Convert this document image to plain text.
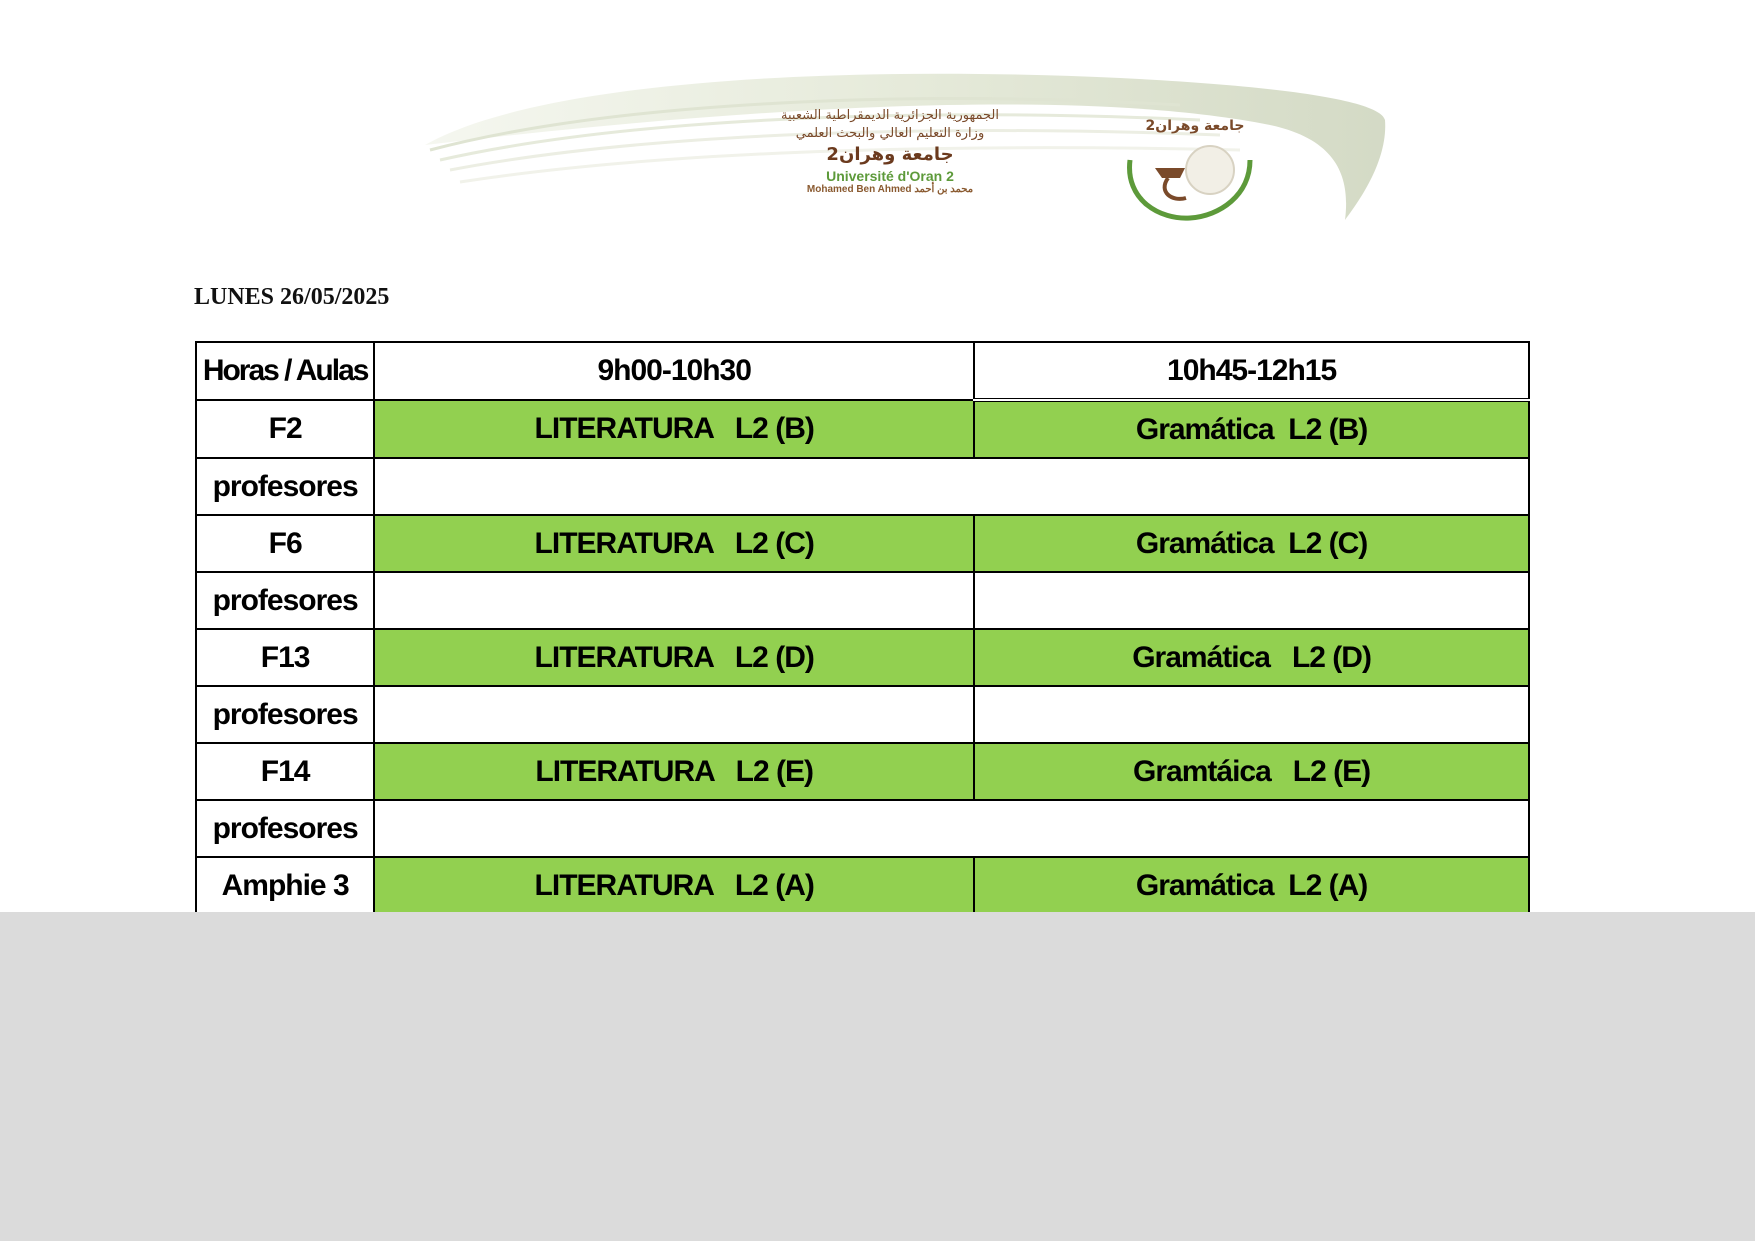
الجمهورية الجزائرية الديمقراطية الشعبية
وزارة التعليم العالي والبحث العلمي
جامعة وهران2
Université d'Oran 2
Mohamed Ben Ahmed محمد بن أحمد
جامعة وهران2
LUNES 26/05/2025
Horas / Aulas	9h00-10h30	10h45-12h15
F2	LITERATURA   L2 (B)	Gramática  L2 (B)
profesores		
F6	LITERATURA   L2 (C)	Gramática  L2 (C)
profesores		
F13	LITERATURA   L2 (D)	Gramática   L2 (D)
profesores		
F14	LITERATURA   L2 (E)	Gramtáica   L2 (E)
profesores		
Amphie 3	LITERATURA   L2 (A)	Gramática  L2 (A)
